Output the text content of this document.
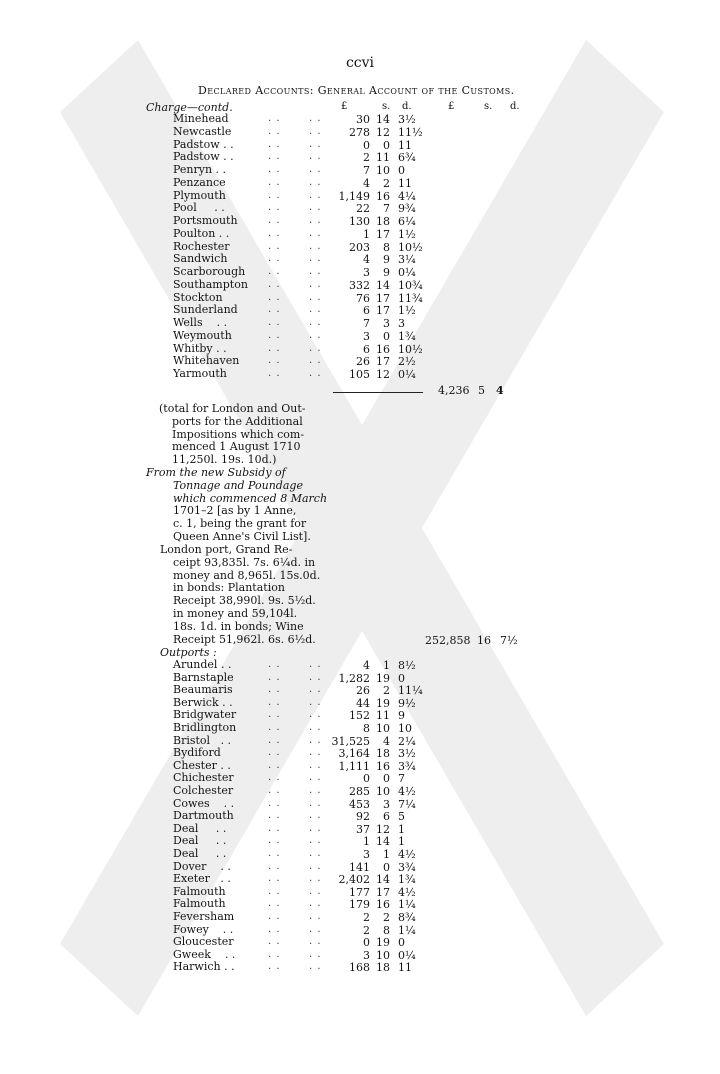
ccvi
Declared Accounts: General Account of the Customs.
£	s. d.	£	s. d.
Charge—contd.
Minehead	. .	. .	30 14 3½
Newcastle	. .	. .	278 12 11½
Padstow . .	. .	. .	0	0 11
Padstow . .	. .	. .	2 11 6¾
Penryn . .	. .	. .	7 10 0
Penzance	. .	. .	4	2 11
Plymouth	. .	. .	1,149 16 4¼
Pool     . .	. .	. .	22	7 9¾
Portsmouth	. .	. .	130 18 6¼
Poulton . .	. .	. .	1 17 1½
Rochester	. .	. .	203	8 10½
Sandwich	. .	. .	4	9 3¼
Scarborough . .	. .	3	9 0¼
Southampton . .	. .	332 14 10¾
Stockton	. .	. .	76 17 11¾
Sunderland	. .	. .	6 17 1½
Wells    . .	. .	. .	7	3 3
Weymouth	. .	. .	3	0 1¾
Whitby . .	. .	. .	6 16 10½
Whitehaven	. .	. .	26 17 2½
Yarmouth	. .	. .	105 12 0¼
4,236 5 4
(total for London and Out-
ports for the Additional
Impositions which com-
menced 1 August 1710
11,250l. 19s. 10d.)
From the new Subsidy of
Tonnage and Poundage
which commenced 8 March
1701–2 [as by 1 Anne,
c. 1, being the grant for
Queen Anne's Civil List].
London port, Grand Re-
ceipt 93,835l. 7s. 6¼d. in
money and 8,965l. 15s.0d.
in bonds: Plantation
Receipt 38,990l. 9s. 5½d.
in money and 59,104l.
18s. 1d. in bonds; Wine
Receipt 51,962l. 6s. 6½d.	252,858 16 7½
Outports :
Arundel . .	. .	. .	4	1 8½
Barnstaple	. .	. .	1,282 19 0
Beaumaris	. .	. .	26	2 11¼
Berwick . .	. .	. .	44 19 9½
Bridgwater	. .	. .	152 11 9
Bridlington	. .	. .	8 10 10
Bristol   . .	. .	. . 31,525	4 2¼
Bydiford	. .	. .	3,164 18 3½
Chester . .	. .	. .	1,111 16 3¾
Chichester	. .	. .	0	0 7
Colchester	. .	. .	285 10 4½
Cowes    . .	. .	. .	453	3 7¼
Dartmouth	. .	. .	92	6 5
Deal     . .	. .	. .	37 12 1
Deal     . .	. .	. .	1 14 1
Deal     . .	. .	. .	3	1 4½
Dover    . .	. .	. .	141	0 3¾
Exeter   . .	. .	. .	2,402 14 1¾
Falmouth	. .	. .	177 17 4½
Falmouth	. .	. .	179 16 1¼
Feversham	. .	. .	2	2 8¾
Fowey    . .	. .	. .	2	8 1¼
Gloucester	. .	. .	0 19 0
Gweek    . .	. .	. .	3 10 0¼
Harwich . .	. .	. .	168 18 11
